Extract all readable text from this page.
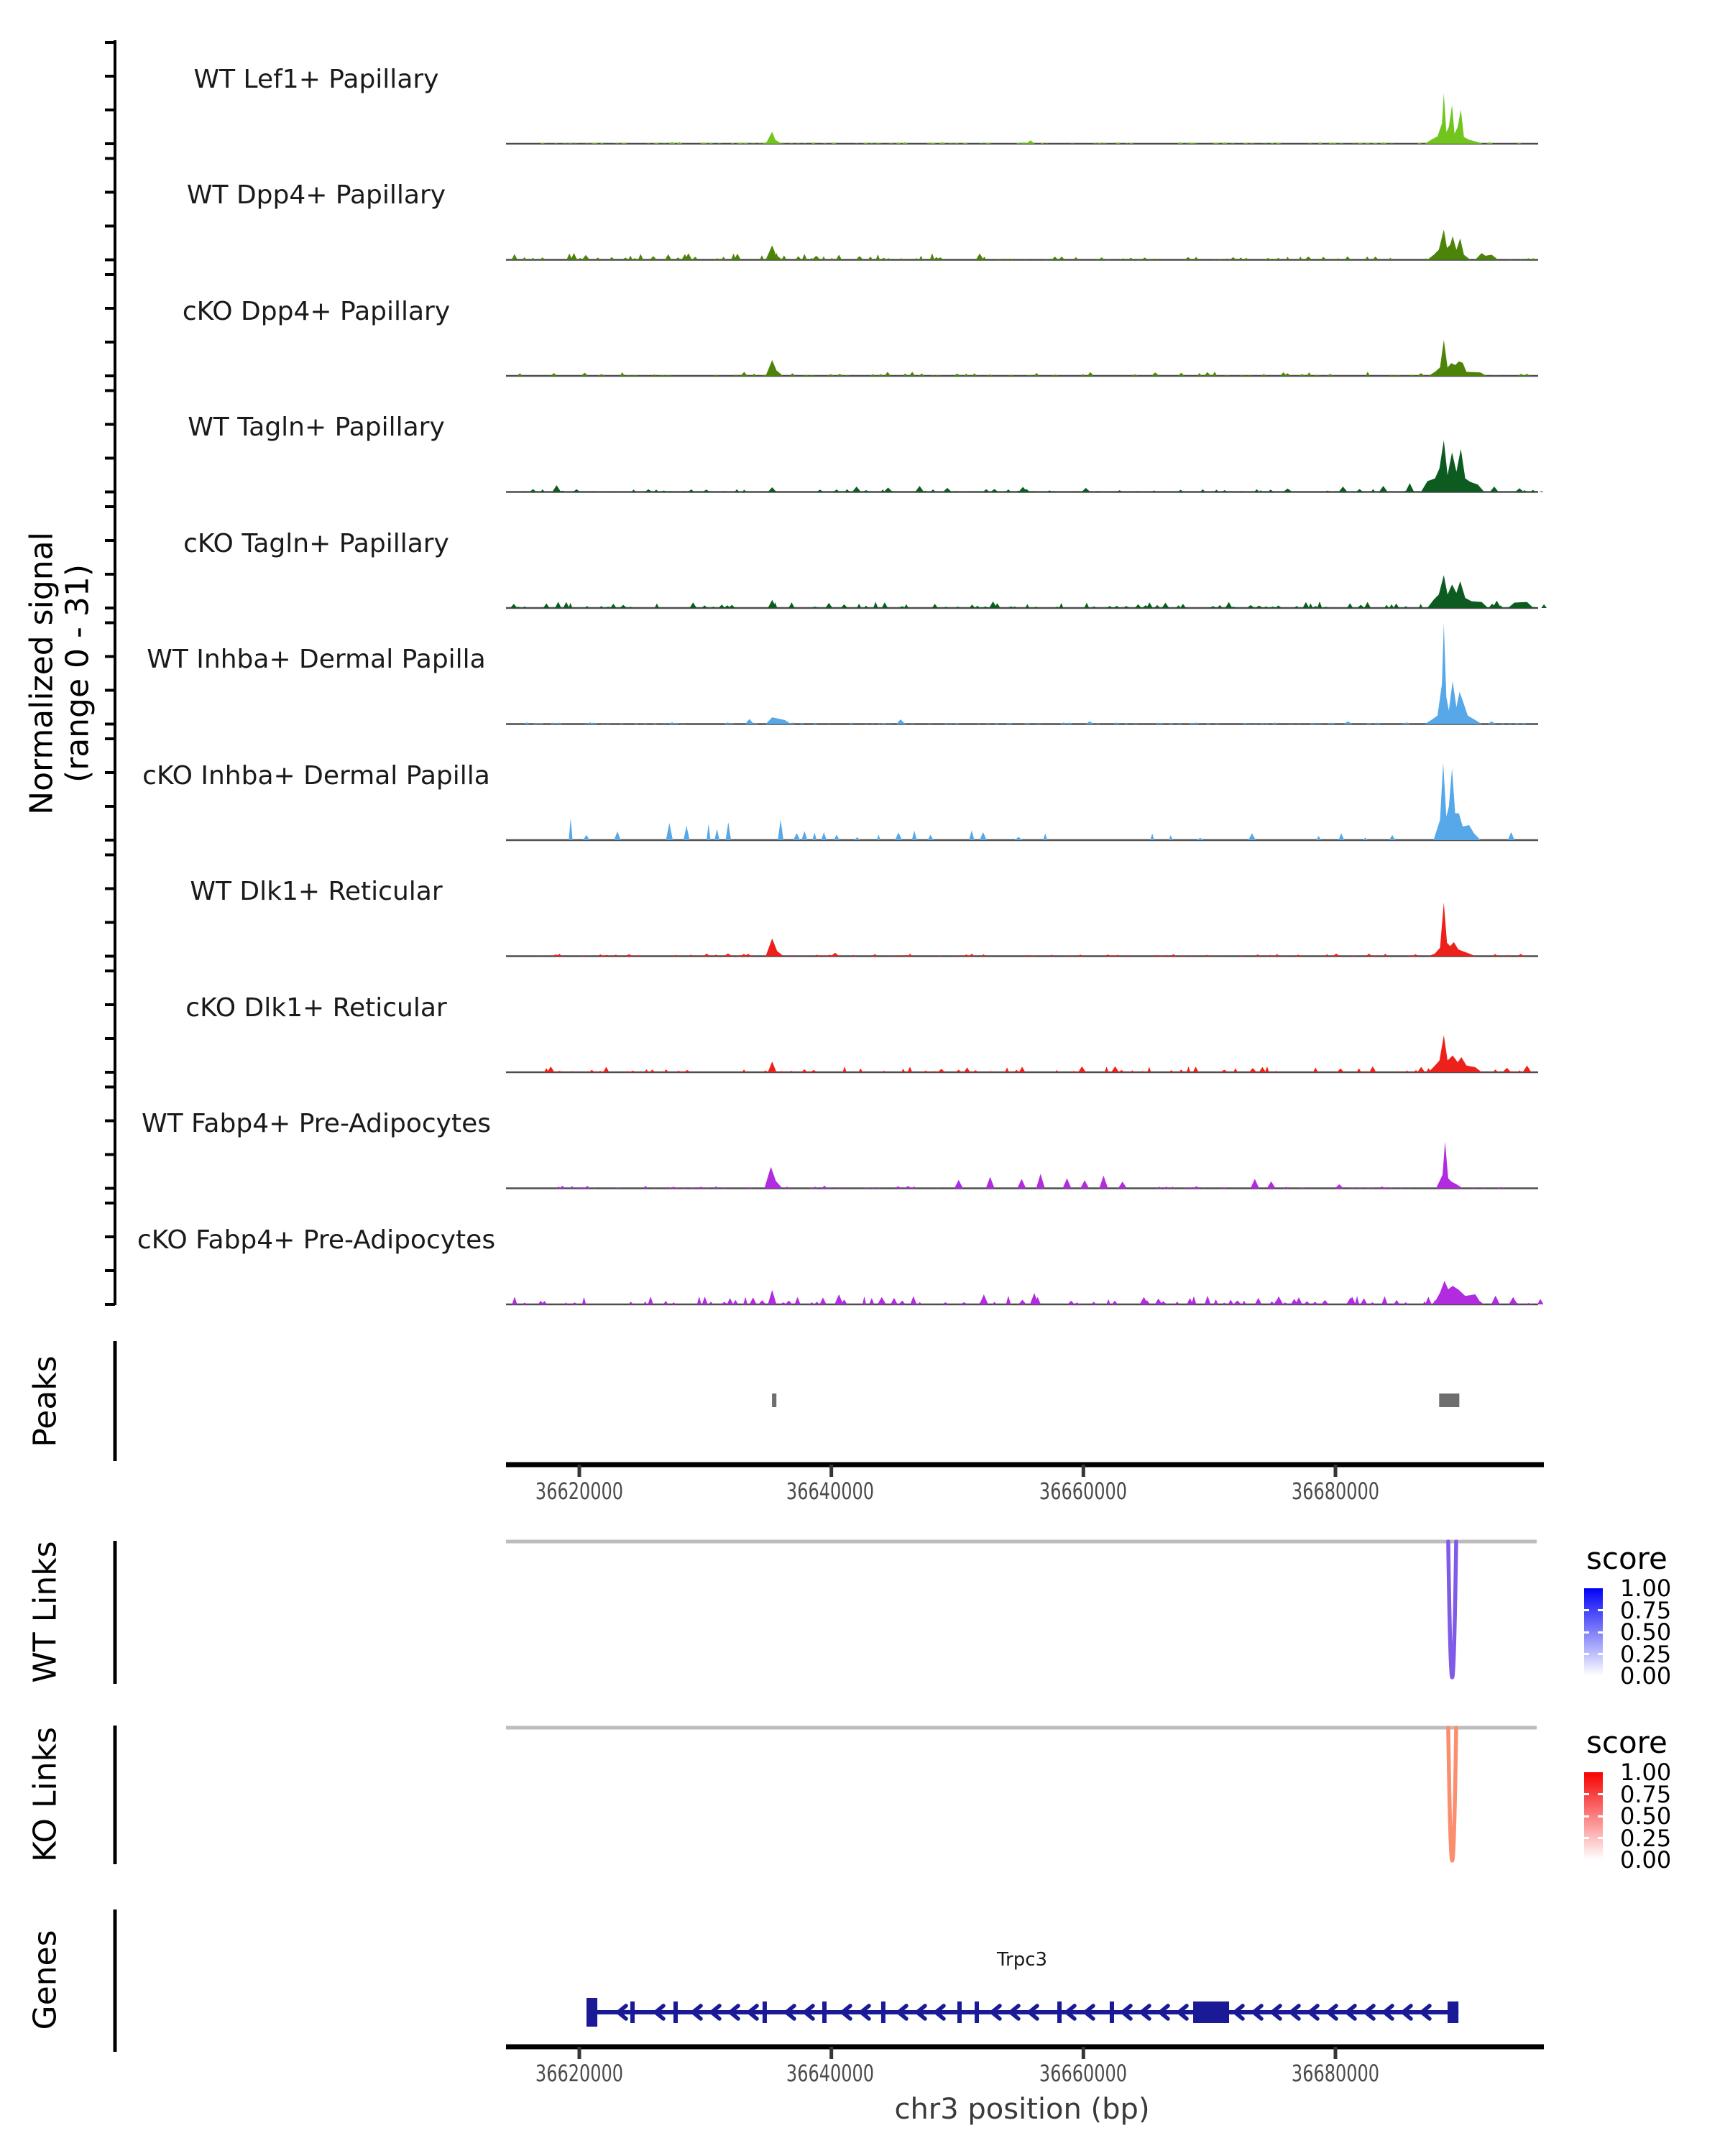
Normalized signal (range 0 - 31)
Peaks
WT Links
KO Links
Genes
WT Lef1+ Papillary
WT Dpp4+ Papillary
cKO Dpp4+ Papillary
WT Tagln+ Papillary
cKO Tagln+ Papillary
WT Inhba+ Dermal Papilla
cKO Inhba+ Dermal Papilla
WT Dlk1+ Reticular
cKO Dlk1+ Reticular
WT Fabp4+ Pre-Adipocytes
cKO Fabp4+ Pre-Adipocytes
36620000	36640000	36660000	36680000
36620000	36640000	36660000	36680000
chr3 position (bp)
Trpc3
score
1.00
0.75
0.50
0.25
0.00
score
1.00
0.75
0.50
0.25
0.00
